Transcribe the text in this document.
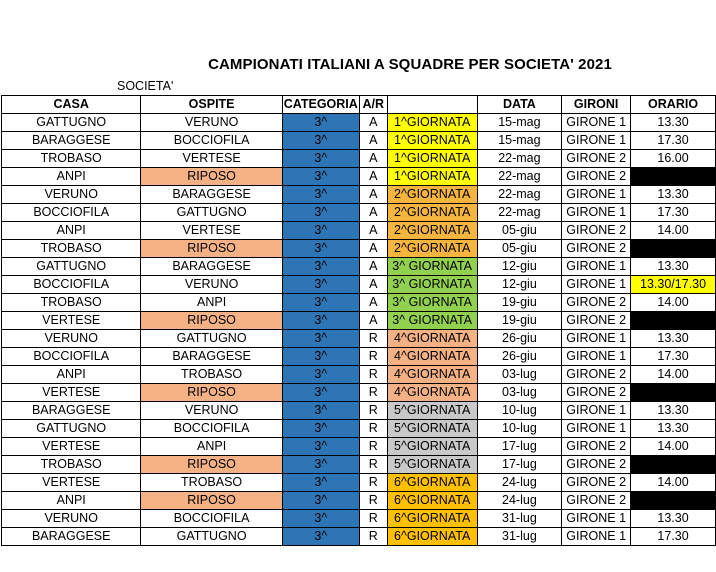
CAMPIONATI ITALIANI A SQUADRE PER SOCIETA' 2021
SOCIETA'
CASA	OSPITE	CATEGORIA	A/R		DATA	GIRONI	ORARIO
GATTUGNO	VERUNO	3^	A	1^GIORNATA	15-mag	GIRONE 1	13.30
BARAGGESE	BOCCIOFILA	3^	A	1^GIORNATA	15-mag	GIRONE 1	17.30
TROBASO	VERTESE	3^	A	1^GIORNATA	22-mag	GIRONE 2	16.00
ANPI	RIPOSO	3^	A	1^GIORNATA	22-mag	GIRONE 2	
VERUNO	BARAGGESE	3^	A	2^GIORNATA	22-mag	GIRONE 1	13.30
BOCCIOFILA	GATTUGNO	3^	A	2^GIORNATA	22-mag	GIRONE 1	17.30
ANPI	VERTESE	3^	A	2^GIORNATA	05-giu	GIRONE 2	14.00
TROBASO	RIPOSO	3^	A	2^GIORNATA	05-giu	GIRONE 2	
GATTUGNO	BARAGGESE	3^	A	3^ GIORNATA	12-giu	GIRONE 1	13.30
BOCCIOFILA	VERUNO	3^	A	3^ GIORNATA	12-giu	GIRONE 1	13.30/17.30
TROBASO	ANPI	3^	A	3^ GIORNATA	19-giu	GIRONE 2	14.00
VERTESE	RIPOSO	3^	A	3^ GIORNATA	19-giu	GIRONE 2	
VERUNO	GATTUGNO	3^	R	4^GIORNATA	26-giu	GIRONE 1	13.30
BOCCIOFILA	BARAGGESE	3^	R	4^GIORNATA	26-giu	GIRONE 1	17.30
ANPI	TROBASO	3^	R	4^GIORNATA	03-lug	GIRONE 2	14.00
VERTESE	RIPOSO	3^	R	4^GIORNATA	03-lug	GIRONE 2	
BARAGGESE	VERUNO	3^	R	5^GIORNATA	10-lug	GIRONE 1	13.30
GATTUGNO	BOCCIOFILA	3^	R	5^GIORNATA	10-lug	GIRONE 1	13.30
VERTESE	ANPI	3^	R	5^GIORNATA	17-lug	GIRONE 2	14.00
TROBASO	RIPOSO	3^	R	5^GIORNATA	17-lug	GIRONE 2	
VERTESE	TROBASO	3^	R	6^GIORNATA	24-lug	GIRONE 2	14.00
ANPI	RIPOSO	3^	R	6^GIORNATA	24-lug	GIRONE 2	
VERUNO	BOCCIOFILA	3^	R	6^GIORNATA	31-lug	GIRONE 1	13.30
BARAGGESE	GATTUGNO	3^	R	6^GIORNATA	31-lug	GIRONE 1	17.30
